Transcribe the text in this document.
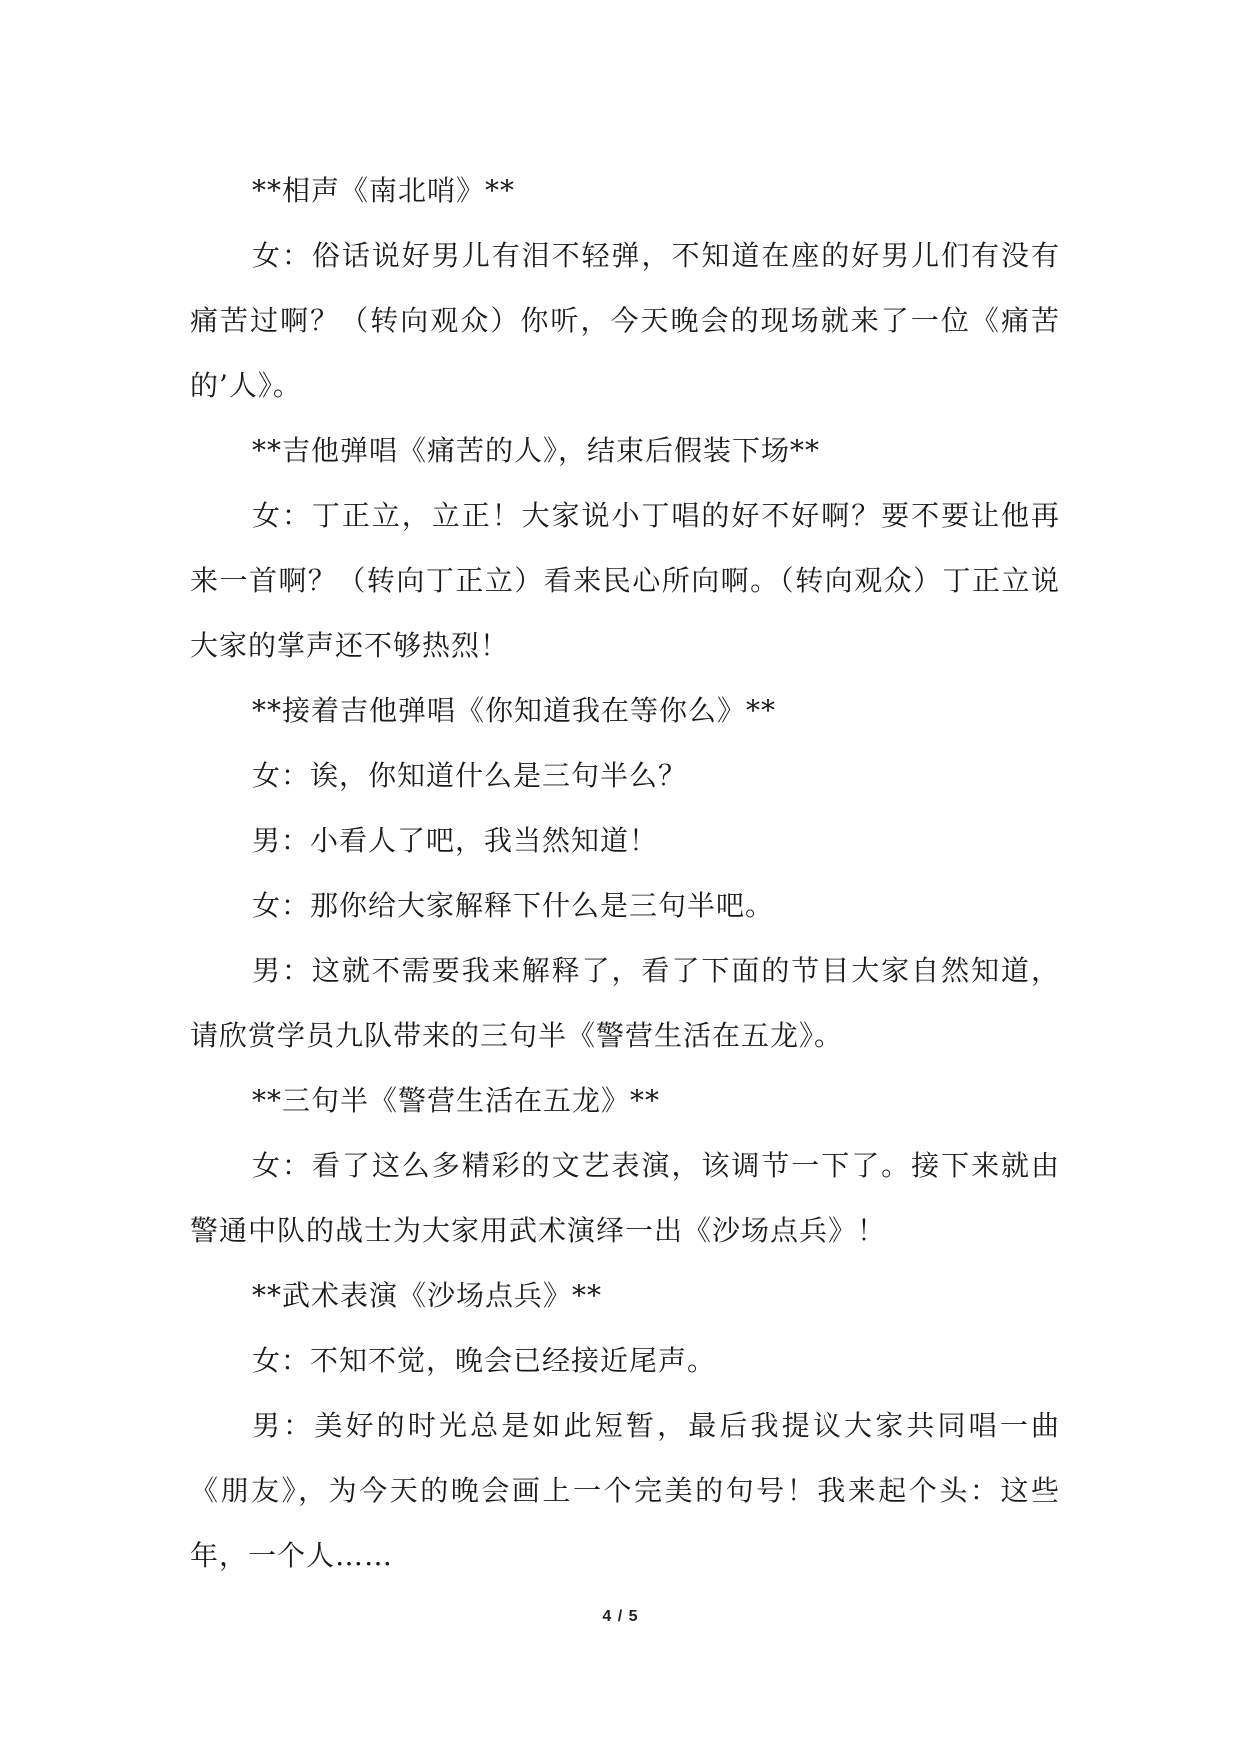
**相声《南北哨》**

女：俗话说好男儿有泪不轻弹，不知道在座的好男儿们有没有痛苦过啊？（转向观众）你听，今天晚会的现场就来了一位《痛苦的’人》。

**吉他弹唱《痛苦的人》，结束后假装下场**

女：丁正立，立正！大家说小丁唱的好不好啊？要不要让他再来一首啊？（转向丁正立）看来民心所向啊。（转向观众）丁正立说大家的掌声还不够热烈！

**接着吉他弹唱《你知道我在等你么》**

女：诶，你知道什么是三句半么？

男：小看人了吧，我当然知道！

女：那你给大家解释下什么是三句半吧。

男：这就不需要我来解释了，看了下面的节目大家自然知道，请欣赏学员九队带来的三句半《警营生活在五龙》。

**三句半《警营生活在五龙》**

女：看了这么多精彩的文艺表演，该调节一下了。接下来就由警通中队的战士为大家用武术演绎一出《沙场点兵》！

**武术表演《沙场点兵》**

女：不知不觉，晚会已经接近尾声。

男：美好的时光总是如此短暂，最后我提议大家共同唱一曲《朋友》，为今天的晚会画上一个完美的句号！我来起个头：这些年，一个人……

4 / 5
